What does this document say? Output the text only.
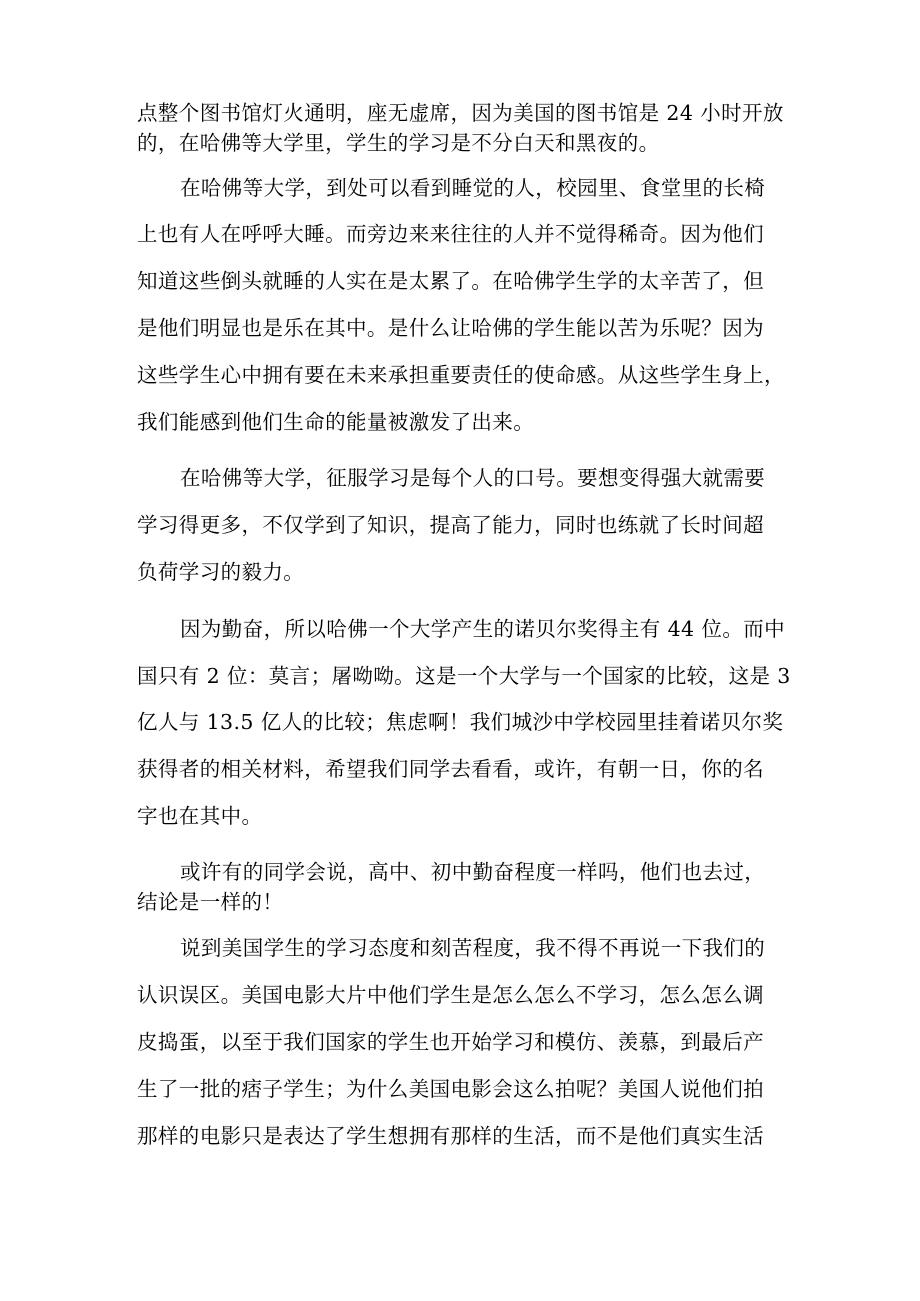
点整个图书馆灯火通明，座无虚席，因为美国的图书馆是 24 小时开放
的，在哈佛等大学里，学生的学习是不分白天和黑夜的。
在哈佛等大学，到处可以看到睡觉的人，校园里、食堂里的长椅
上也有人在呼呼大睡。而旁边来来往往的人并不觉得稀奇。因为他们
知道这些倒头就睡的人实在是太累了。在哈佛学生学的太辛苦了，但
是他们明显也是乐在其中。是什么让哈佛的学生能以苦为乐呢？因为
这些学生心中拥有要在未来承担重要责任的使命感。从这些学生身上，
我们能感到他们生命的能量被激发了出来。
在哈佛等大学，征服学习是每个人的口号。要想变得强大就需要
学习得更多，不仅学到了知识，提高了能力，同时也练就了长时间超
负荷学习的毅力。
因为勤奋，所以哈佛一个大学产生的诺贝尔奖得主有 44 位。而中
国只有 2 位：莫言；屠呦呦。这是一个大学与一个国家的比较，这是 3
亿人与 13.5 亿人的比较；焦虑啊！我们城沙中学校园里挂着诺贝尔奖
获得者的相关材料，希望我们同学去看看，或许，有朝一日，你的名
字也在其中。
或许有的同学会说，高中、初中勤奋程度一样吗，他们也去过，
结论是一样的！
说到美国学生的学习态度和刻苦程度，我不得不再说一下我们的
认识误区。美国电影大片中他们学生是怎么怎么不学习，怎么怎么调
皮捣蛋，以至于我们国家的学生也开始学习和模仿、羡慕，到最后产
生了一批的痞子学生；为什么美国电影会这么拍呢？美国人说他们拍
那样的电影只是表达了学生想拥有那样的生活，而不是他们真实生活
